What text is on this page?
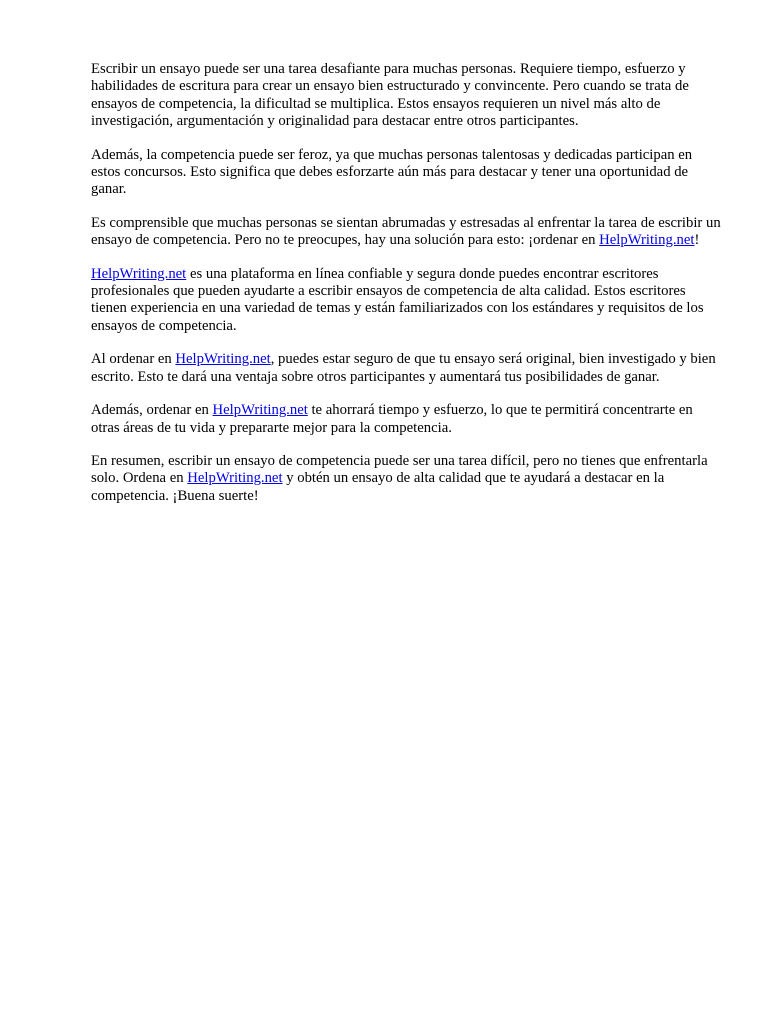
Escribir un ensayo puede ser una tarea desafiante para muchas personas. Requiere tiempo, esfuerzo y habilidades de escritura para crear un ensayo bien estructurado y convincente. Pero cuando se trata de ensayos de competencia, la dificultad se multiplica. Estos ensayos requieren un nivel más alto de investigación, argumentación y originalidad para destacar entre otros participantes.

Además, la competencia puede ser feroz, ya que muchas personas talentosas y dedicadas participan en estos concursos. Esto significa que debes esforzarte aún más para destacar y tener una oportunidad de ganar.

Es comprensible que muchas personas se sientan abrumadas y estresadas al enfrentar la tarea de escribir un ensayo de competencia. Pero no te preocupes, hay una solución para esto: ¡ordenar en HelpWriting.net!

HelpWriting.net es una plataforma en línea confiable y segura donde puedes encontrar escritores profesionales que pueden ayudarte a escribir ensayos de competencia de alta calidad. Estos escritores tienen experiencia en una variedad de temas y están familiarizados con los estándares y requisitos de los ensayos de competencia.

Al ordenar en HelpWriting.net, puedes estar seguro de que tu ensayo será original, bien investigado y bien escrito. Esto te dará una ventaja sobre otros participantes y aumentará tus posibilidades de ganar.

Además, ordenar en HelpWriting.net te ahorrará tiempo y esfuerzo, lo que te permitirá concentrarte en otras áreas de tu vida y prepararte mejor para la competencia.

En resumen, escribir un ensayo de competencia puede ser una tarea difícil, pero no tienes que enfrentarla solo. Ordena en HelpWriting.net y obtén un ensayo de alta calidad que te ayudará a destacar en la competencia. ¡Buena suerte!
